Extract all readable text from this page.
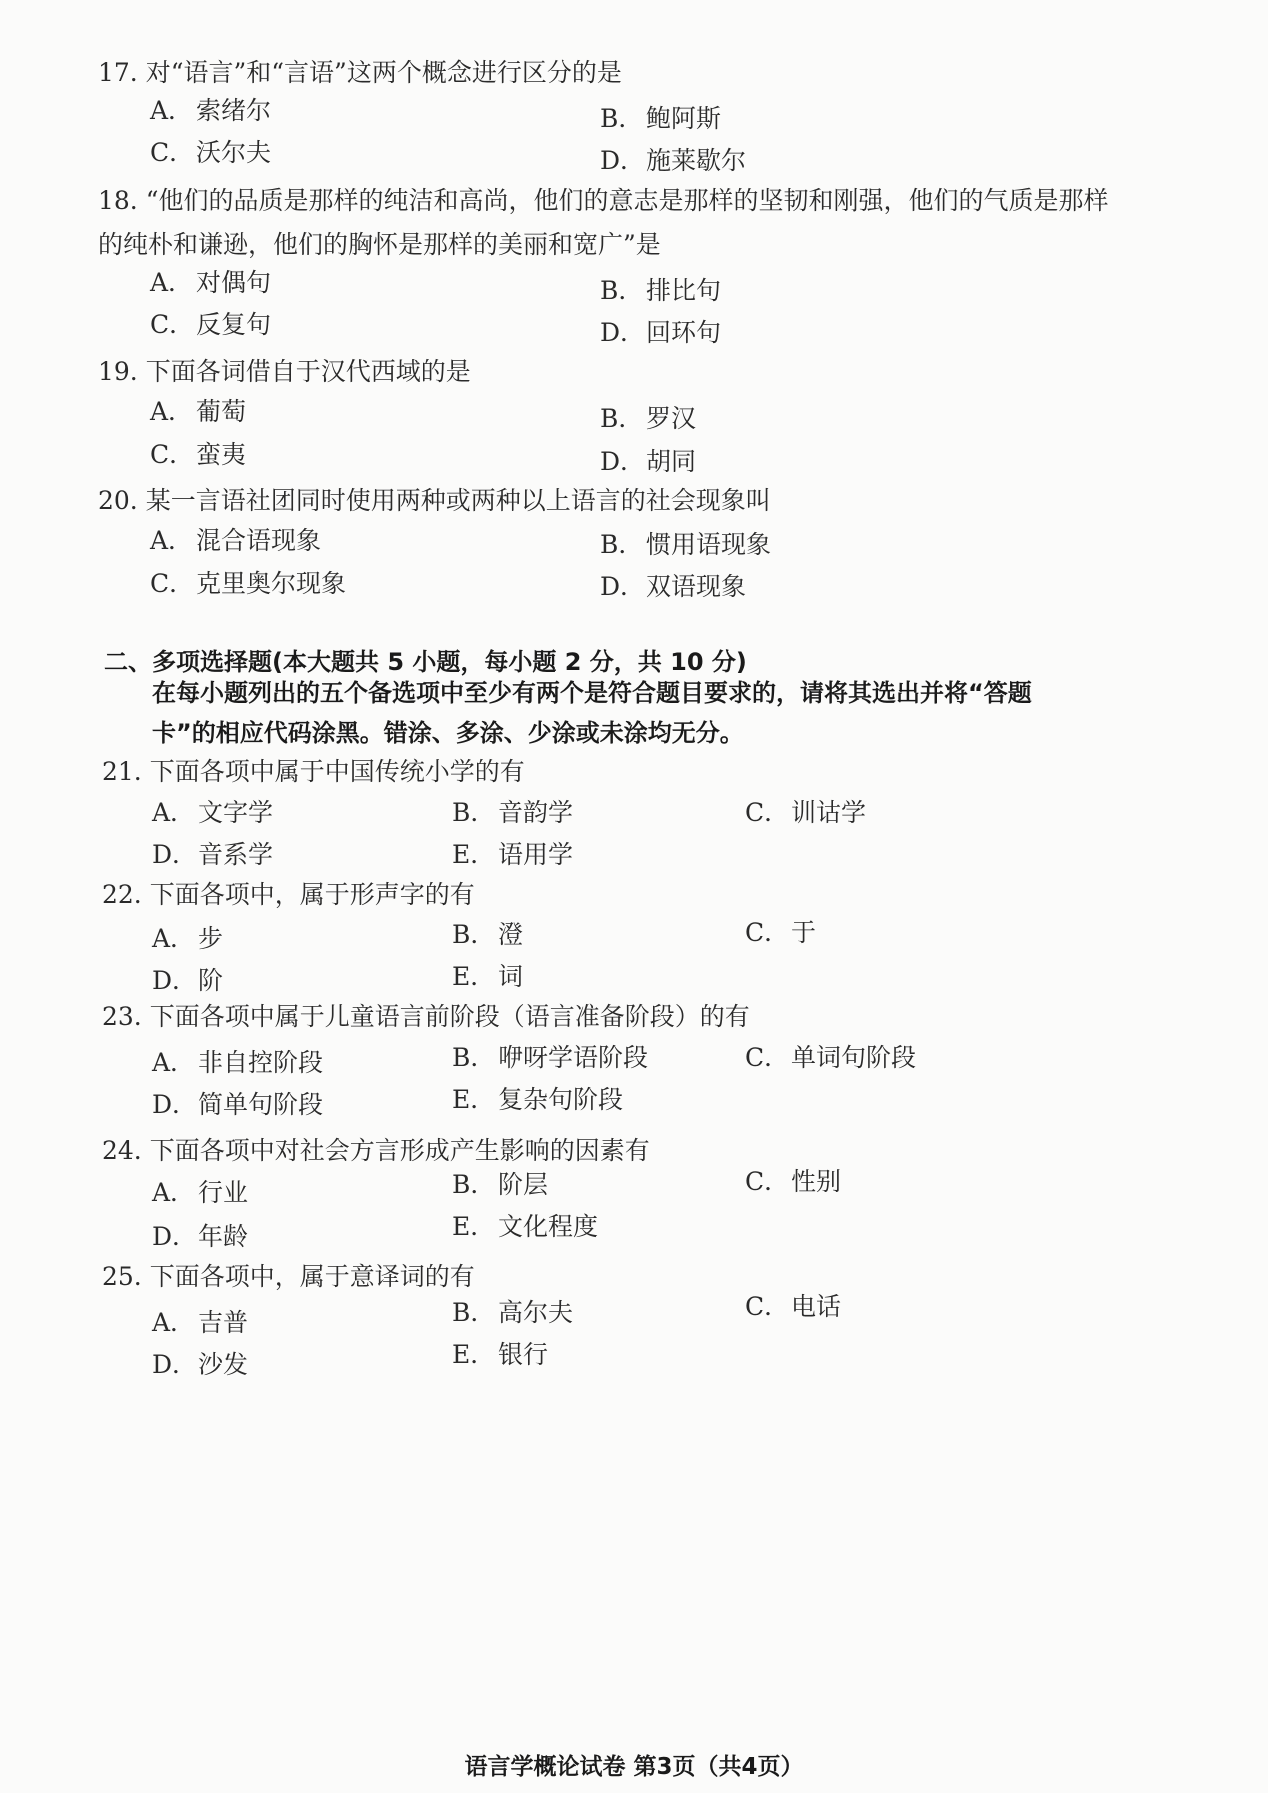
17. 对“语言”和“言语”这两个概念进行区分的是
A． 索绪尔	B． 鲍阿斯
C．沃尔夫	D．施莱歇尔
18. “他们的品质是那样的纯洁和高尚，他们的意志是那样的坚韧和刚强，他们的气质是那样
的纯朴和谦逊，他们的胸怀是那样的美丽和宽广”是
A． 对偶句	B． 排比句
C．反复句	D．回环句
19. 下面各词借自于汉代西域的是
A． 葡萄	B． 罗汉
C．蛮夷	D．胡同
20. 某一言语社团同时使用两种或两种以上语言的社会现象叫
A． 混合语现象	B． 惯用语现象
C．克里奥尔现象	D．双语现象
二、多项选择题(本大题共 5 小题，每小题 2 分，共 10 分)
在每小题列出的五个备选项中至少有两个是符合题目要求的，请将其选出并将“答题
卡”的相应代码涂黑。错涂、多涂、少涂或未涂均无分。
21. 下面各项中属于中国传统小学的有
A． 文字学	B． 音韵学	C．训诂学
D．音系学	E． 语用学
22. 下面各项中，属于形声字的有
A． 步	B． 澄	C．于
D．阶	E． 词
23. 下面各项中属于儿童语言前阶段（语言准备阶段）的有
A． 非自控阶段	B． 咿呀学语阶段	C．单词句阶段
D．简单句阶段	E． 复杂句阶段
24. 下面各项中对社会方言形成产生影响的因素有
A． 行业	B． 阶层	C．性别
D．年龄	E． 文化程度
25. 下面各项中，属于意译词的有
A． 吉普	B． 高尔夫	C．电话
D．沙发	E． 银行
语言学概论试卷 第3页（共4页）
